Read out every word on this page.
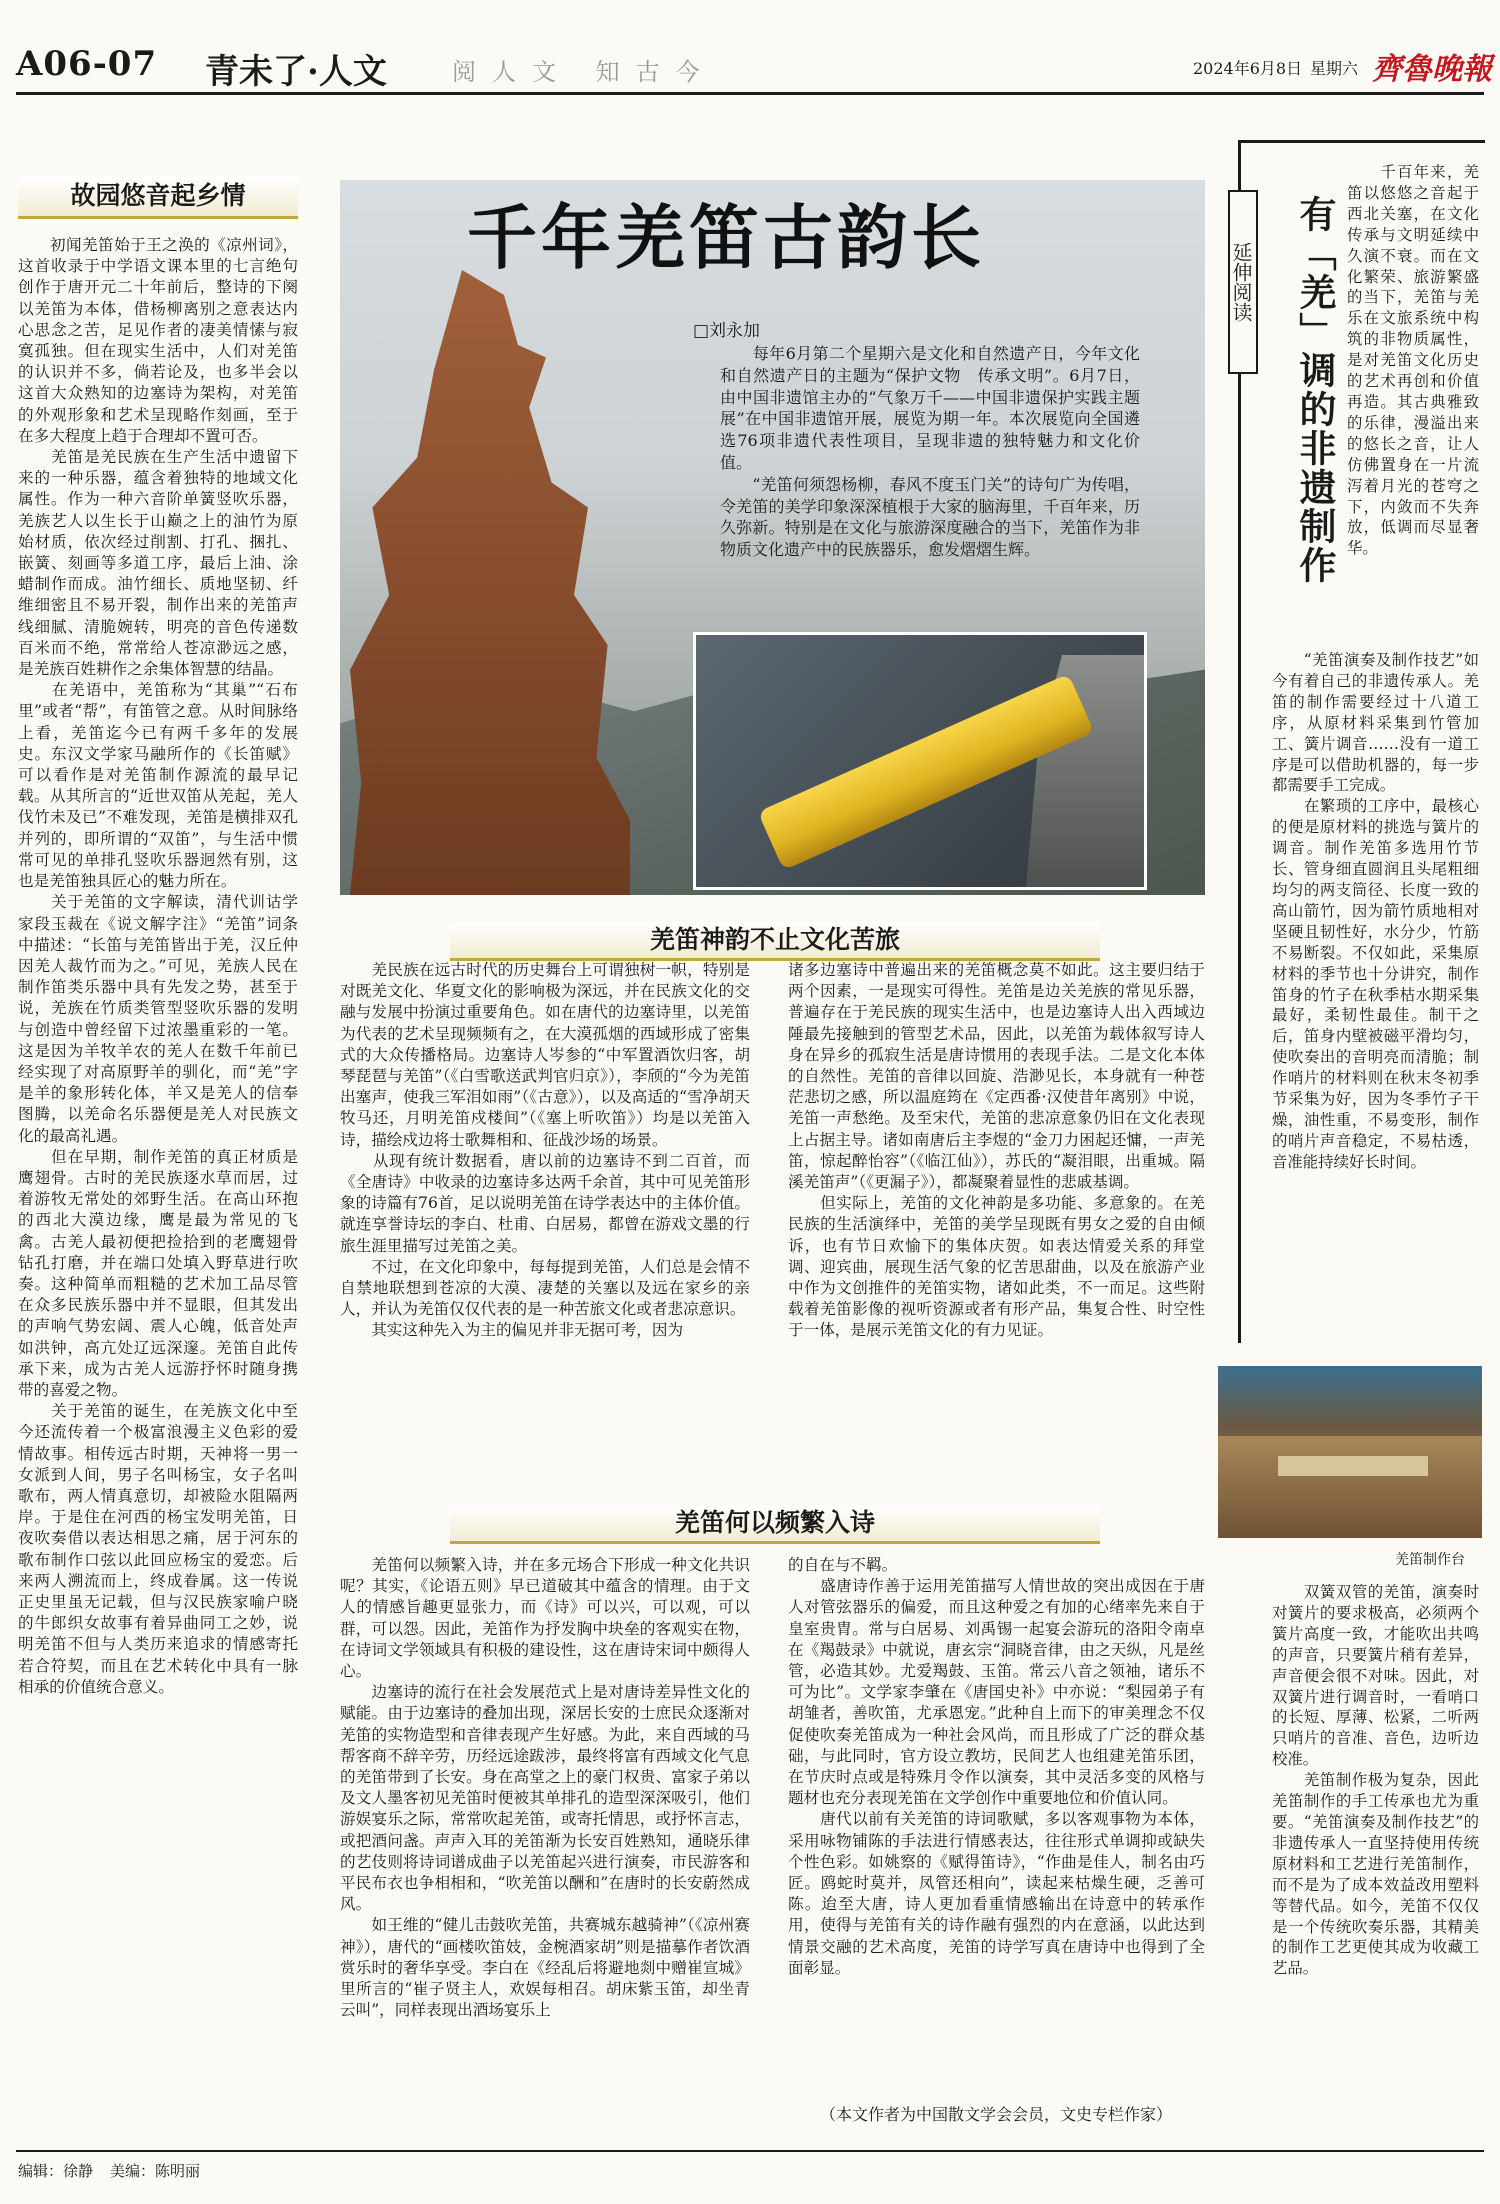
A06-07 青未了·人文	阅人文 知古今	2024年6月8日 星期六 齊魯晚報
故园悠音起乡情
　　初闻羌笛始于王之涣的《凉州词》，这首收录于中学语文课本里的七言绝句创作于唐开元二十年前后，整诗的下阕以羌笛为本体，借杨柳离别之意表达内心思念之苦，足见作者的凄美情愫与寂寞孤独。但在现实生活中，人们对羌笛的认识并不多，倘若论及，也多半会以这首大众熟知的边塞诗为架构，对羌笛的外观形象和艺术呈现略作刻画，至于在多大程度上趋于合理却不置可否。
　　羌笛是羌民族在生产生活中遗留下来的一种乐器，蕴含着独特的地域文化属性。作为一种六音阶单簧竖吹乐器，羌族艺人以生长于山巅之上的油竹为原始材质，依次经过削割、打孔、捆扎、嵌簧、刻画等多道工序，最后上油、涂蜡制作而成。油竹细长、质地坚韧、纤维细密且不易开裂，制作出来的羌笛声线细腻、清脆婉转，明亮的音色传递数百米而不绝，常常给人苍凉渺远之感，是羌族百姓耕作之余集体智慧的结晶。
　　在羌语中，羌笛称为“其巢”“石布里”或者“帮”，有笛管之意。从时间脉络上看，羌笛迄今已有两千多年的发展史。东汉文学家马融所作的《长笛赋》可以看作是对羌笛制作源流的最早记载。从其所言的“近世双笛从羌起，羌人伐竹未及已”不难发现，羌笛是横排双孔并列的，即所谓的“双笛”，与生活中惯常可见的单排孔竖吹乐器迥然有别，这也是羌笛独具匠心的魅力所在。
　　关于羌笛的文字解读，清代训诂学家段玉裁在《说文解字注》“羌笛”词条中描述：“长笛与羌笛皆出于羌，汉丘仲因羌人裁竹而为之。”可见，羌族人民在制作笛类乐器中具有先发之势，甚至于说，羌族在竹质类管型竖吹乐器的发明与创造中曾经留下过浓墨重彩的一笔。这是因为羊牧羊农的羌人在数千年前已经实现了对高原野羊的驯化，而“羌”字是羊的象形转化体，羊又是羌人的信奉图腾，以羌命名乐器便是羌人对民族文化的最高礼遇。
　　但在早期，制作羌笛的真正材质是鹰翅骨。古时的羌民族逐水草而居，过着游牧无常处的郊野生活。在高山环抱的西北大漠边缘，鹰是最为常见的飞禽。古羌人最初便把捡拾到的老鹰翅骨钻孔打磨，并在端口处填入野草进行吹奏。这种简单而粗糙的艺术加工品尽管在众多民族乐器中并不显眼，但其发出的声响气势宏阔、震人心魄，低音处声如洪钟，高亢处辽远深邃。羌笛自此传承下来，成为古羌人远游抒怀时随身携带的喜爱之物。
　　关于羌笛的诞生，在羌族文化中至今还流传着一个极富浪漫主义色彩的爱情故事。相传远古时期，天神将一男一女派到人间，男子名叫杨宝，女子名叫歌布，两人情真意切，却被险水阻隔两岸。于是住在河西的杨宝发明羌笛，日夜吹奏借以表达相思之痛，居于河东的歌布制作口弦以此回应杨宝的爱恋。后来两人溯流而上，终成眷属。这一传说正史里虽无记载，但与汉民族家喻户晓的牛郎织女故事有着异曲同工之妙，说明羌笛不但与人类历来追求的情感寄托若合符契，而且在艺术转化中具有一脉相承的价值统合意义。
千年羌笛古韵长
□刘永加
　　每年6月第二个星期六是文化和自然遗产日，今年文化和自然遗产日的主题为“保护文物　传承文明”。6月7日，由中国非遗馆主办的“气象万千——中国非遗保护实践主题展”在中国非遗馆开展，展览为期一年。本次展览向全国遴选76项非遗代表性项目，呈现非遗的独特魅力和文化价值。
　　“羌笛何须怨杨柳，春风不度玉门关”的诗句广为传唱，令羌笛的美学印象深深植根于大家的脑海里，千百年来，历久弥新。特别是在文化与旅游深度融合的当下，羌笛作为非物质文化遗产中的民族器乐，愈发熠熠生辉。
羌笛神韵不止文化苦旅
　　羌民族在远古时代的历史舞台上可谓独树一帜，特别是对既羌文化、华夏文化的影响极为深远，并在民族文化的交融与发展中扮演过重要角色。如在唐代的边塞诗里，以羌笛为代表的艺术呈现频频有之，在大漠孤烟的西域形成了密集式的大众传播格局。边塞诗人岑参的“中军置酒饮归客，胡琴琵琶与羌笛”（《白雪歌送武判官归京》），李颀的“今为羌笛出塞声，使我三军泪如雨”（《古意》），以及高适的“雪净胡天牧马还，月明羌笛戍楼间”（《塞上听吹笛》）均是以羌笛入诗，描绘戍边将士歌舞相和、征战沙场的场景。
　　从现有统计数据看，唐以前的边塞诗不到二百首，而《全唐诗》中收录的边塞诗多达两千余首，其中可见羌笛形象的诗篇有76首，足以说明羌笛在诗学表达中的主体价值。就连享誉诗坛的李白、杜甫、白居易，都曾在游戏文墨的行旅生涯里描写过羌笛之美。
　　不过，在文化印象中，每每提到羌笛，人们总是会情不自禁地联想到苍凉的大漠、凄楚的关塞以及远在家乡的亲人，并认为羌笛仅仅代表的是一种苦旅文化或者悲凉意识。
　　其实这种先入为主的偏见并非无据可考，因为
诸多边塞诗中普遍出来的羌笛概念莫不如此。这主要归结于两个因素，一是现实可得性。羌笛是边关羌族的常见乐器，普遍存在于羌民族的现实生活中，也是边塞诗人出入西域边陲最先接触到的管型艺术品，因此，以羌笛为载体叙写诗人身在异乡的孤寂生活是唐诗惯用的表现手法。二是文化本体的自然性。羌笛的音律以回旋、浩渺见长，本身就有一种苍茫悲切之感，所以温庭筠在《定西番·汉使昔年离别》中说，羌笛一声愁绝。及至宋代，羌笛的悲凉意象仍旧在文化表现上占据主导。诸如南唐后主李煜的“金刀力困起还慵，一声羌笛，惊起醉怡容”（《临江仙》），苏氏的“凝泪眼，出重城。隔溪羌笛声”（《更漏子》），都凝聚着显性的悲戚基调。
　　但实际上，羌笛的文化神韵是多功能、多意象的。在羌民族的生活演绎中，羌笛的美学呈现既有男女之爱的自由倾诉，也有节日欢愉下的集体庆贺。如表达情爱关系的拜堂调、迎宾曲，展现生活气象的忆苦思甜曲，以及在旅游产业中作为文创推件的羌笛实物，诸如此类，不一而足。这些附载着羌笛影像的视听资源或者有形产品，集复合性、时空性于一体，是展示羌笛文化的有力见证。
羌笛何以频繁入诗
　　羌笛何以频繁入诗，并在多元场合下形成一种文化共识呢？其实，《论语五则》早已道破其中蕴含的情理。由于文人的情感旨趣更显张力，而《诗》可以兴，可以观，可以群，可以怨。因此，羌笛作为抒发胸中块垒的客观实在物，在诗词文学领域具有积极的建设性，这在唐诗宋词中颇得人心。
　　边塞诗的流行在社会发展范式上是对唐诗差异性文化的赋能。由于边塞诗的叠加出现，深居长安的士庶民众逐渐对羌笛的实物造型和音律表现产生好感。为此，来自西域的马帮客商不辞辛劳，历经远途跋涉，最终将富有西域文化气息的羌笛带到了长安。身在高堂之上的豪门权贵、富家子弟以及文人墨客初见羌笛时便被其单排孔的造型深深吸引，他们游娱宴乐之际，常常吹起羌笛，或寄托情思，或抒怀言志，或把酒问盏。声声入耳的羌笛渐为长安百姓熟知，通晓乐律的艺伎则将诗词谱成曲子以羌笛起兴进行演奏，市民游客和平民布衣也争相相和，“吹羌笛以酬和”在唐时的长安蔚然成风。
　　如王维的“健儿击鼓吹羌笛，共赛城东越骑神”（《凉州赛神》），唐代的“画楼吹笛妓，金椀酒家胡”则是描摹作者饮酒赏乐时的奢华享受。李白在《经乱后将避地剡中赠崔宣城》里所言的“崔子贤主人，欢娱每相召。胡床紫玉笛，却坐青云叫”，同样表现出酒场宴乐上
的自在与不羁。
　　盛唐诗作善于运用羌笛描写人情世故的突出成因在于唐人对管弦器乐的偏爱，而且这种爱之有加的心绪率先来自于皇室贵胄。常与白居易、刘禹锡一起宴会游玩的洛阳令南卓在《羯鼓录》中就说，唐玄宗“洞晓音律，由之天纵，凡是丝管，必造其妙。尤爱羯鼓、玉笛。常云八音之领袖，诸乐不可为比”。文学家李肇在《唐国史补》中亦说：“梨园弟子有胡雏者，善吹笛，尤承恩宠。”此种自上而下的审美理念不仅促使吹奏羌笛成为一种社会风尚，而且形成了广泛的群众基础，与此同时，官方设立教坊，民间艺人也组建羌笛乐团，在节庆时点或是特殊月令作以演奏，其中灵活多变的风格与题材也充分表现羌笛在文学创作中重要地位和价值认同。
　　唐代以前有关羌笛的诗词歌赋，多以客观事物为本体，采用咏物铺陈的手法进行情感表达，往往形式单调抑或缺失个性色彩。如姚察的《赋得笛诗》，“作曲是佳人，制名由巧匠。鸥蛇时莫并，凤管还相向”，读起来枯燥生硬，乏善可陈。迨至大唐，诗人更加看重情感输出在诗意中的转承作用，使得与羌笛有关的诗作融有强烈的内在意涵，以此达到情景交融的艺术高度，羌笛的诗学写真在唐诗中也得到了全面彰显。
（本文作者为中国散文学会会员，文史专栏作家）
延伸阅读 有「羌」调的非遗制作
　　千百年来，羌笛以悠悠之音起于西北关塞，在文化传承与文明延续中久演不衰。而在文化繁荣、旅游繁盛的当下，羌笛与羌乐在文旅系统中构筑的非物质属性，是对羌笛文化历史的艺术再创和价值再造。其古典雅致的乐律，漫溢出来的悠长之音，让人仿佛置身在一片流泻着月光的苍穹之下，内敛而不失奔放，低调而尽显奢华。
　　“羌笛演奏及制作技艺”如今有着自己的非遗传承人。羌笛的制作需要经过十八道工序，从原材料采集到竹管加工、簧片调音……没有一道工序是可以借助机器的，每一步都需要手工完成。
　　在繁琐的工序中，最核心的便是原材料的挑选与簧片的调音。制作羌笛多选用竹节长、管身细直圆润且头尾粗细均匀的两支筒径、长度一致的高山箭竹，因为箭竹质地相对坚硬且韧性好，水分少，竹筋不易断裂。不仅如此，采集原材料的季节也十分讲究，制作笛身的竹子在秋季枯水期采集最好，柔韧性最佳。制干之后，笛身内壁被磁平滑均匀，使吹奏出的音明亮而清脆；制作哨片的材料则在秋末冬初季节采集为好，因为冬季竹子干燥，油性重，不易变形，制作的哨片声音稳定，不易枯透，音准能持续好长时间。
羌笛制作台
　　双簧双管的羌笛，演奏时对簧片的要求极高，必须两个簧片高度一致，才能吹出共鸣的声音，只要簧片稍有差异，声音便会很不对味。因此，对双簧片进行调音时，一看哨口的长短、厚薄、松紧，二听两只哨片的音准、音色，边听边校准。
　　羌笛制作极为复杂，因此羌笛制作的手工传承也尤为重要。“羌笛演奏及制作技艺”的非遗传承人一直坚持使用传统原材料和工艺进行羌笛制作，而不是为了成本效益改用塑料等替代品。如今，羌笛不仅仅是一个传统吹奏乐器，其精美的制作工艺更使其成为收藏工艺品。
编辑：徐静 美编：陈明丽
